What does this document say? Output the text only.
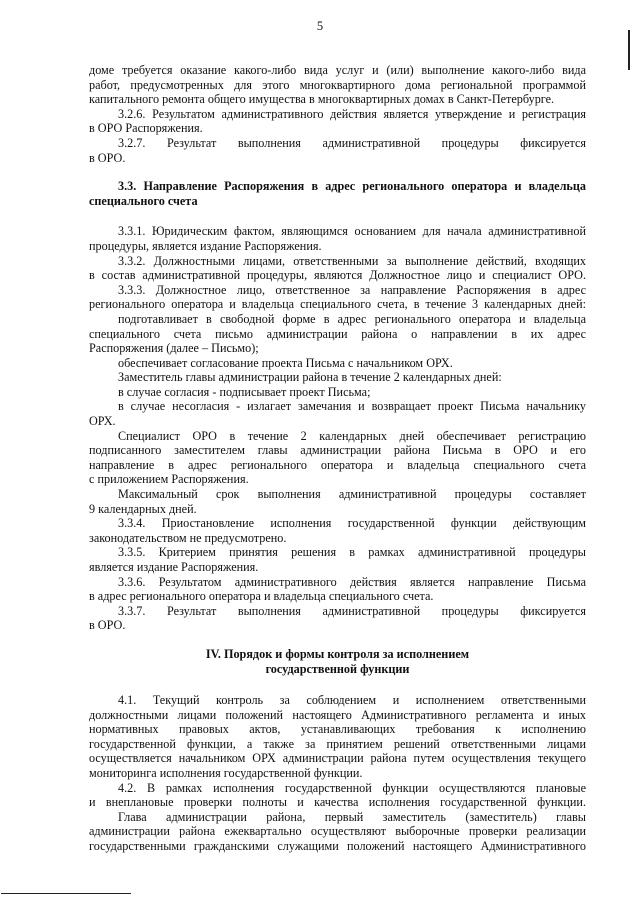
5

доме требуется оказание какого-либо вида услуг и (или) выполнение какого-либо вида

работ, предусмотренных для этого многоквартирного дома региональной программой

капитального ремонта общего имущества в многоквартирных домах в Санкт-Петербурге.

3.2.6. Результатом административного действия является утверждение и регистрация

в ОРО Распоряжения.

3.2.7. Результат выполнения административной процедуры фиксируется

в ОРО.

3.3. Направление Распоряжения в адрес регионального оператора и владельца

специального счета

3.3.1. Юридическим фактом, являющимся основанием для начала административной

процедуры, является издание Распоряжения.

3.3.2. Должностными лицами, ответственными за выполнение действий, входящих

в состав административной процедуры, являются Должностное лицо и специалист ОРО.

3.3.3. Должностное лицо, ответственное за направление Распоряжения в адрес

регионального оператора и владельца специального счета, в течение 3 календарных дней:

подготавливает в свободной форме в адрес регионального оператора и владельца

специального счета письмо администрации района о направлении в их адрес

Распоряжения (далее – Письмо);

обеспечивает согласование проекта Письма с начальником ОРХ.

Заместитель главы администрации района в течение 2 календарных дней:

в случае согласия - подписывает проект Письма;

в случае несогласия - излагает замечания и возвращает проект Письма начальнику

ОРХ.

Специалист ОРО в течение 2 календарных дней обеспечивает регистрацию

подписанного заместителем главы администрации района Письма в ОРО и его

направление в адрес регионального оператора и владельца специального счета

с приложением Распоряжения.

Максимальный срок выполнения административной процедуры составляет

9 календарных дней.

3.3.4. Приостановление исполнения государственной функции действующим

законодательством не предусмотрено.

3.3.5. Критерием принятия решения в рамках административной процедуры

является издание Распоряжения.

3.3.6. Результатом административного действия является направление Письма

в адрес регионального оператора и владельца специального счета.

3.3.7. Результат выполнения административной процедуры фиксируется

в ОРО.

IV. Порядок и формы контроля за исполнением

государственной функции

4.1. Текущий контроль за соблюдением и исполнением ответственными

должностными лицами положений настоящего Административного регламента и иных

нормативных правовых актов, устанавливающих требования к исполнению

государственной функции, а также за принятием решений ответственными лицами

осуществляется начальником ОРХ администрации района путем осуществления текущего

мониторинга исполнения государственной функции.

4.2. В рамках исполнения государственной функции осуществляются плановые

и внеплановые проверки полноты и качества исполнения государственной функции.

Глава администрации района, первый заместитель (заместитель) главы

администрации района ежеквартально осуществляют выборочные проверки реализации

государственными гражданскими служащими положений настоящего Административного
